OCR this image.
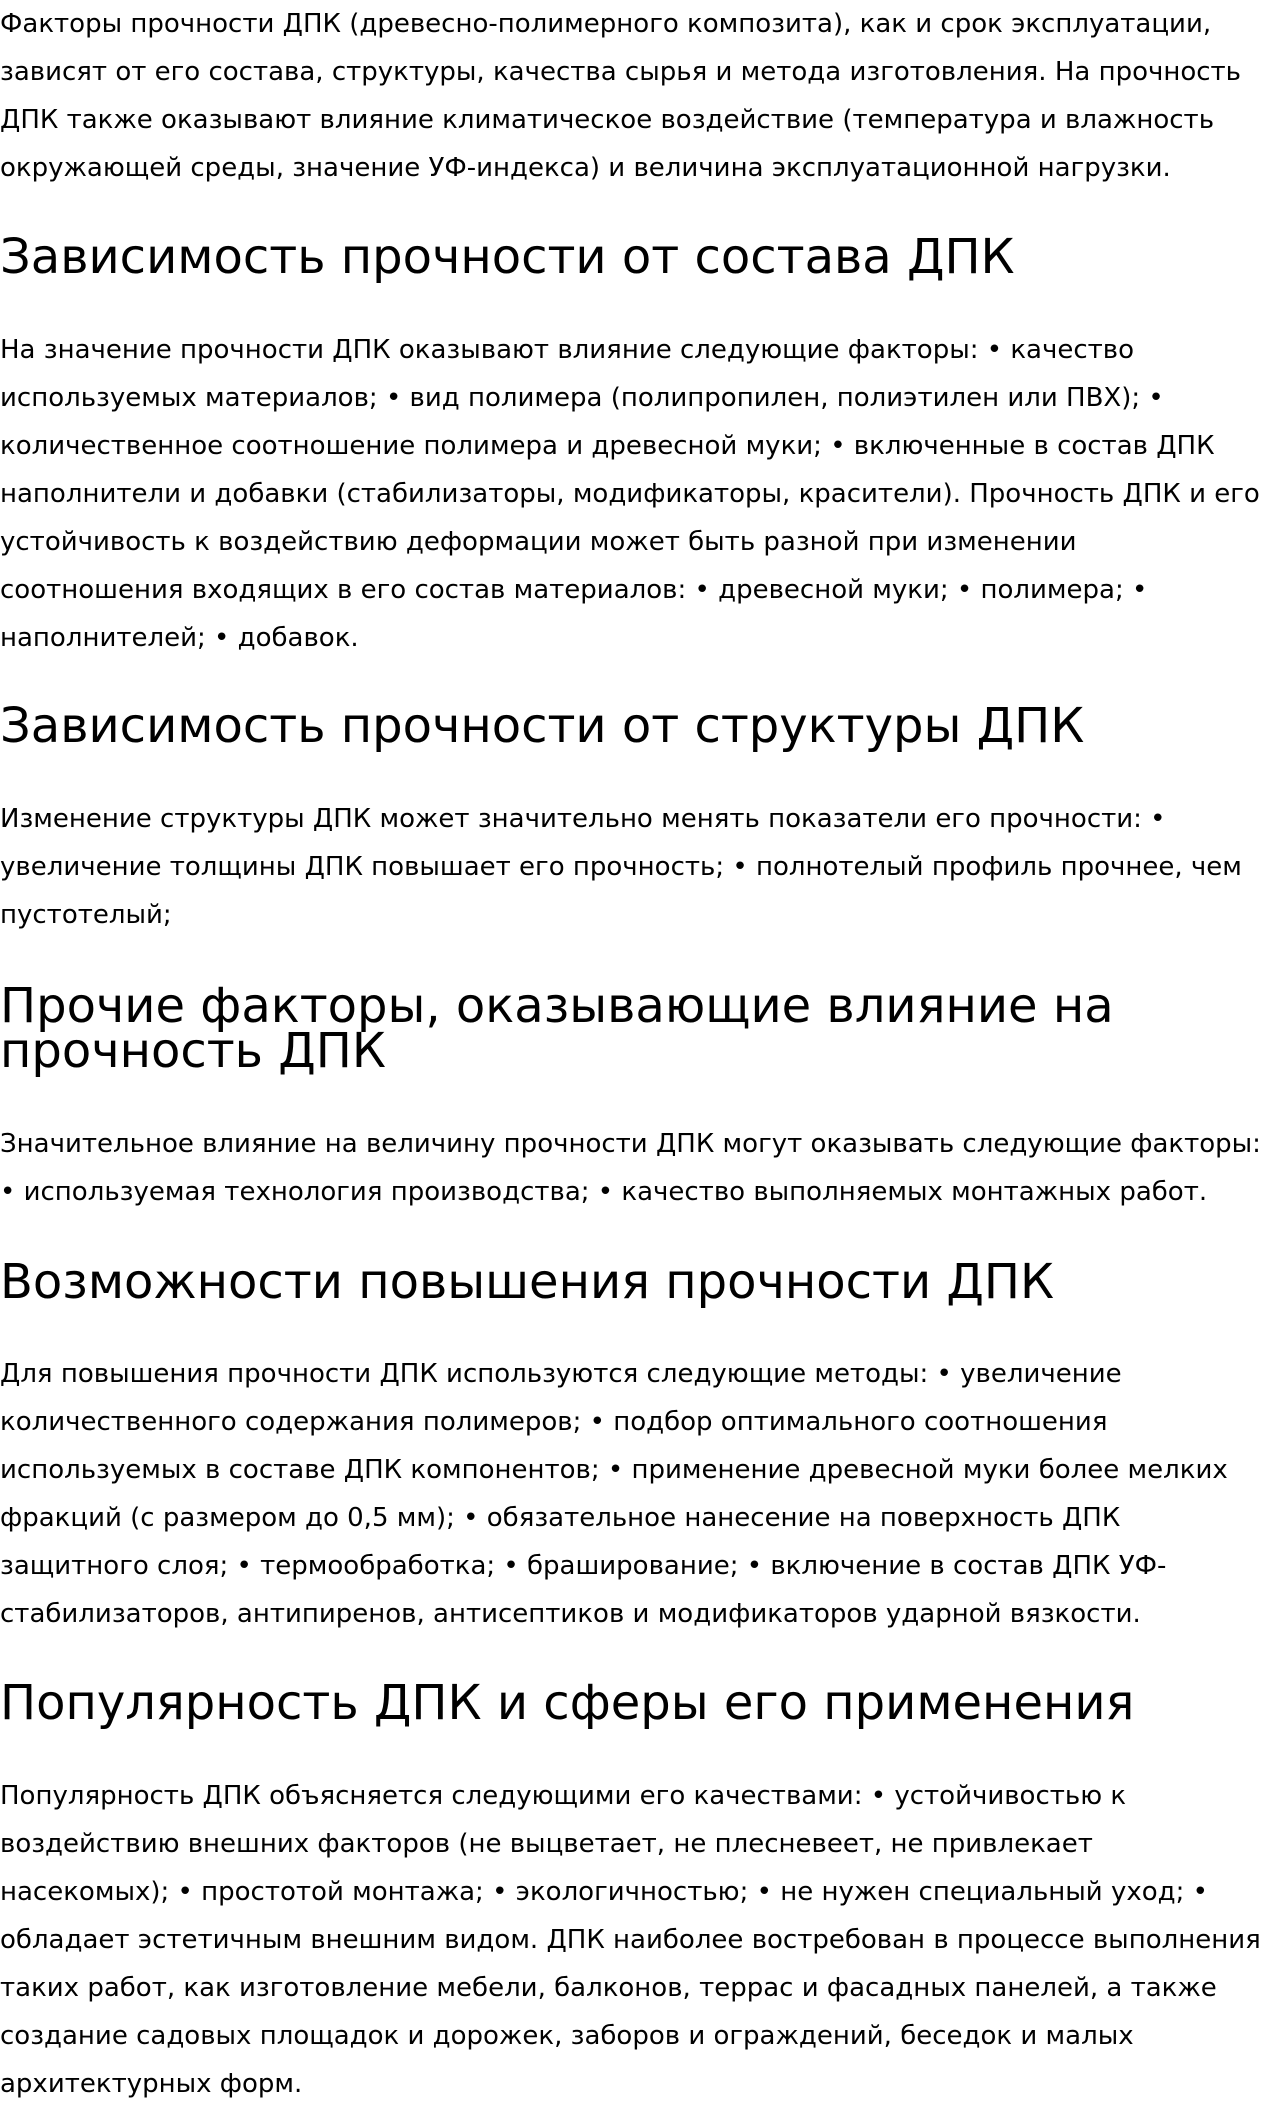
Факторы прочности ДПК (древесно-полимерного композита), как и срок эксплуатации, зависят от его состава, структуры, качества сырья и метода изготовления. На прочность ДПК также оказывают влияние климатическое воздействие (температура и влажность окружающей среды, значение УФ-индекса) и величина эксплуатационной нагрузки.

Зависимость прочности от состава ДПК

На значение прочности ДПК оказывают влияние следующие факторы: • качество используемых материалов; • вид полимера (полипропилен, полиэтилен или ПВХ); • количественное соотношение полимера и древесной муки; • включенные в состав ДПК наполнители и добавки (стабилизаторы, модификаторы, красители). Прочность ДПК и его устойчивость к воздействию деформации может быть разной при изменении соотношения входящих в его состав материалов: • древесной муки; • полимера; • наполнителей; • добавок.

Зависимость прочности от структуры ДПК

Изменение структуры ДПК может значительно менять показатели его прочности: • увеличение толщины ДПК повышает его прочность; • полнотелый профиль прочнее, чем пустотелый;

Прочие факторы, оказывающие влияние на прочность ДПК

Значительное влияние на величину прочности ДПК могут оказывать следующие факторы: • используемая технология производства; • качество выполняемых монтажных работ.

Возможности повышения прочности ДПК

Для повышения прочности ДПК используются следующие методы: • увеличение количественного содержания полимеров; • подбор оптимального соотношения используемых в составе ДПК компонентов; • применение древесной муки более мелких фракций (с размером до 0,5 мм); • обязательное нанесение на поверхность ДПК защитного слоя; • термообработка; • браширование; • включение в состав ДПК УФ-стабилизаторов, антипиренов, антисептиков и модификаторов ударной вязкости.

Популярность ДПК и сферы его применения

Популярность ДПК объясняется следующими его качествами: • устойчивостью к воздействию внешних факторов (не выцветает, не плесневеет, не привлекает насекомых); • простотой монтажа; • экологичностью; • не нужен специальный уход; • обладает эстетичным внешним видом. ДПК наиболее востребован в процессе выполнения таких работ, как изготовление мебели, балконов, террас и фасадных панелей, а также создание садовых площадок и дорожек, заборов и ограждений, беседок и малых архитектурных форм.
